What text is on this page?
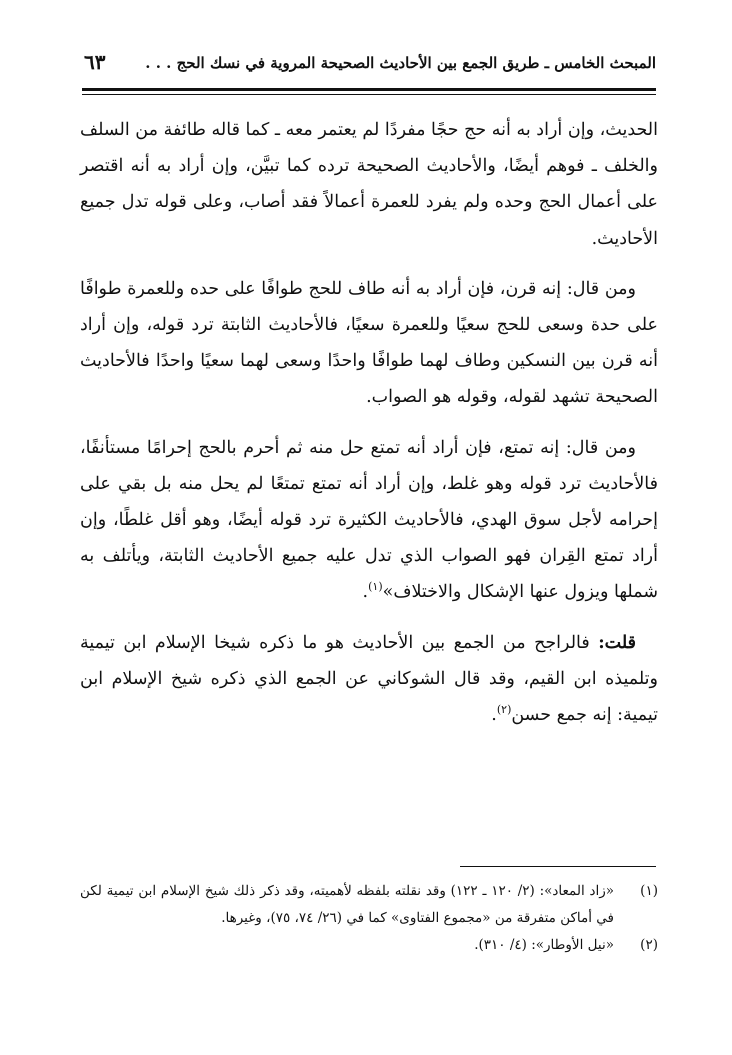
المبحث الخامس ـ طريق الجمع بين الأحاديث الصحيحة المروية في نسك الحج . . .
٦٣

الحديث، وإن أراد به أنه حج حجًا مفردًا لم يعتمر معه ـ كما قاله طائفة من السلف والخلف ـ فوهم أيضًا، والأحاديث الصحيحة ترده كما تبيَّن، وإن أراد به أنه اقتصر على أعمال الحج وحده ولم يفرد للعمرة أعمالاً فقد أصاب، وعلى قوله تدل جميع الأحاديث.

ومن قال: إنه قرن، فإن أراد به أنه طاف للحج طوافًا على حده وللعمرة طوافًا على حدة وسعى للحج سعيًا وللعمرة سعيًا، فالأحاديث الثابتة ترد قوله، وإن أراد أنه قرن بين النسكين وطاف لهما طوافًا واحدًا وسعى لهما سعيًا واحدًا فالأحاديث الصحيحة تشهد لقوله، وقوله هو الصواب.

ومن قال: إنه تمتع، فإن أراد أنه تمتع حل منه ثم أحرم بالحج إحرامًا مستأنفًا، فالأحاديث ترد قوله وهو غلط، وإن أراد أنه تمتع تمتعًا لم يحل منه بل بقي على إحرامه لأجل سوق الهدي، فالأحاديث الكثيرة ترد قوله أيضًا، وهو أقل غلطًا، وإن أراد تمتع القِران فهو الصواب الذي تدل عليه جميع الأحاديث الثابتة، ويأتلف به شملها ويزول عنها الإشكال والاختلاف»$^{(١)}$.

قلت: فالراجح من الجمع بين الأحاديث هو ما ذكره شيخا الإسلام ابن تيمية وتلميذه ابن القيم، وقد قال الشوكاني عن الجمع الذي ذكره شيخ الإسلام ابن تيمية: إنه جمع حسن$^{(٢)}$.

(١)
«زاد المعاد»: (٢/ ١٢٠ ـ ١٢٢) وقد نقلته بلفظه لأهميته، وقد ذكر ذلك شيخ الإسلام ابن تيمية لكن في أماكن متفرقة من «مجموع الفتاوى» كما في (٢٦/ ٧٤، ٧٥)، وغيرها.
(٢)
«نيل الأوطار»: (٤/ ٣١٠).
